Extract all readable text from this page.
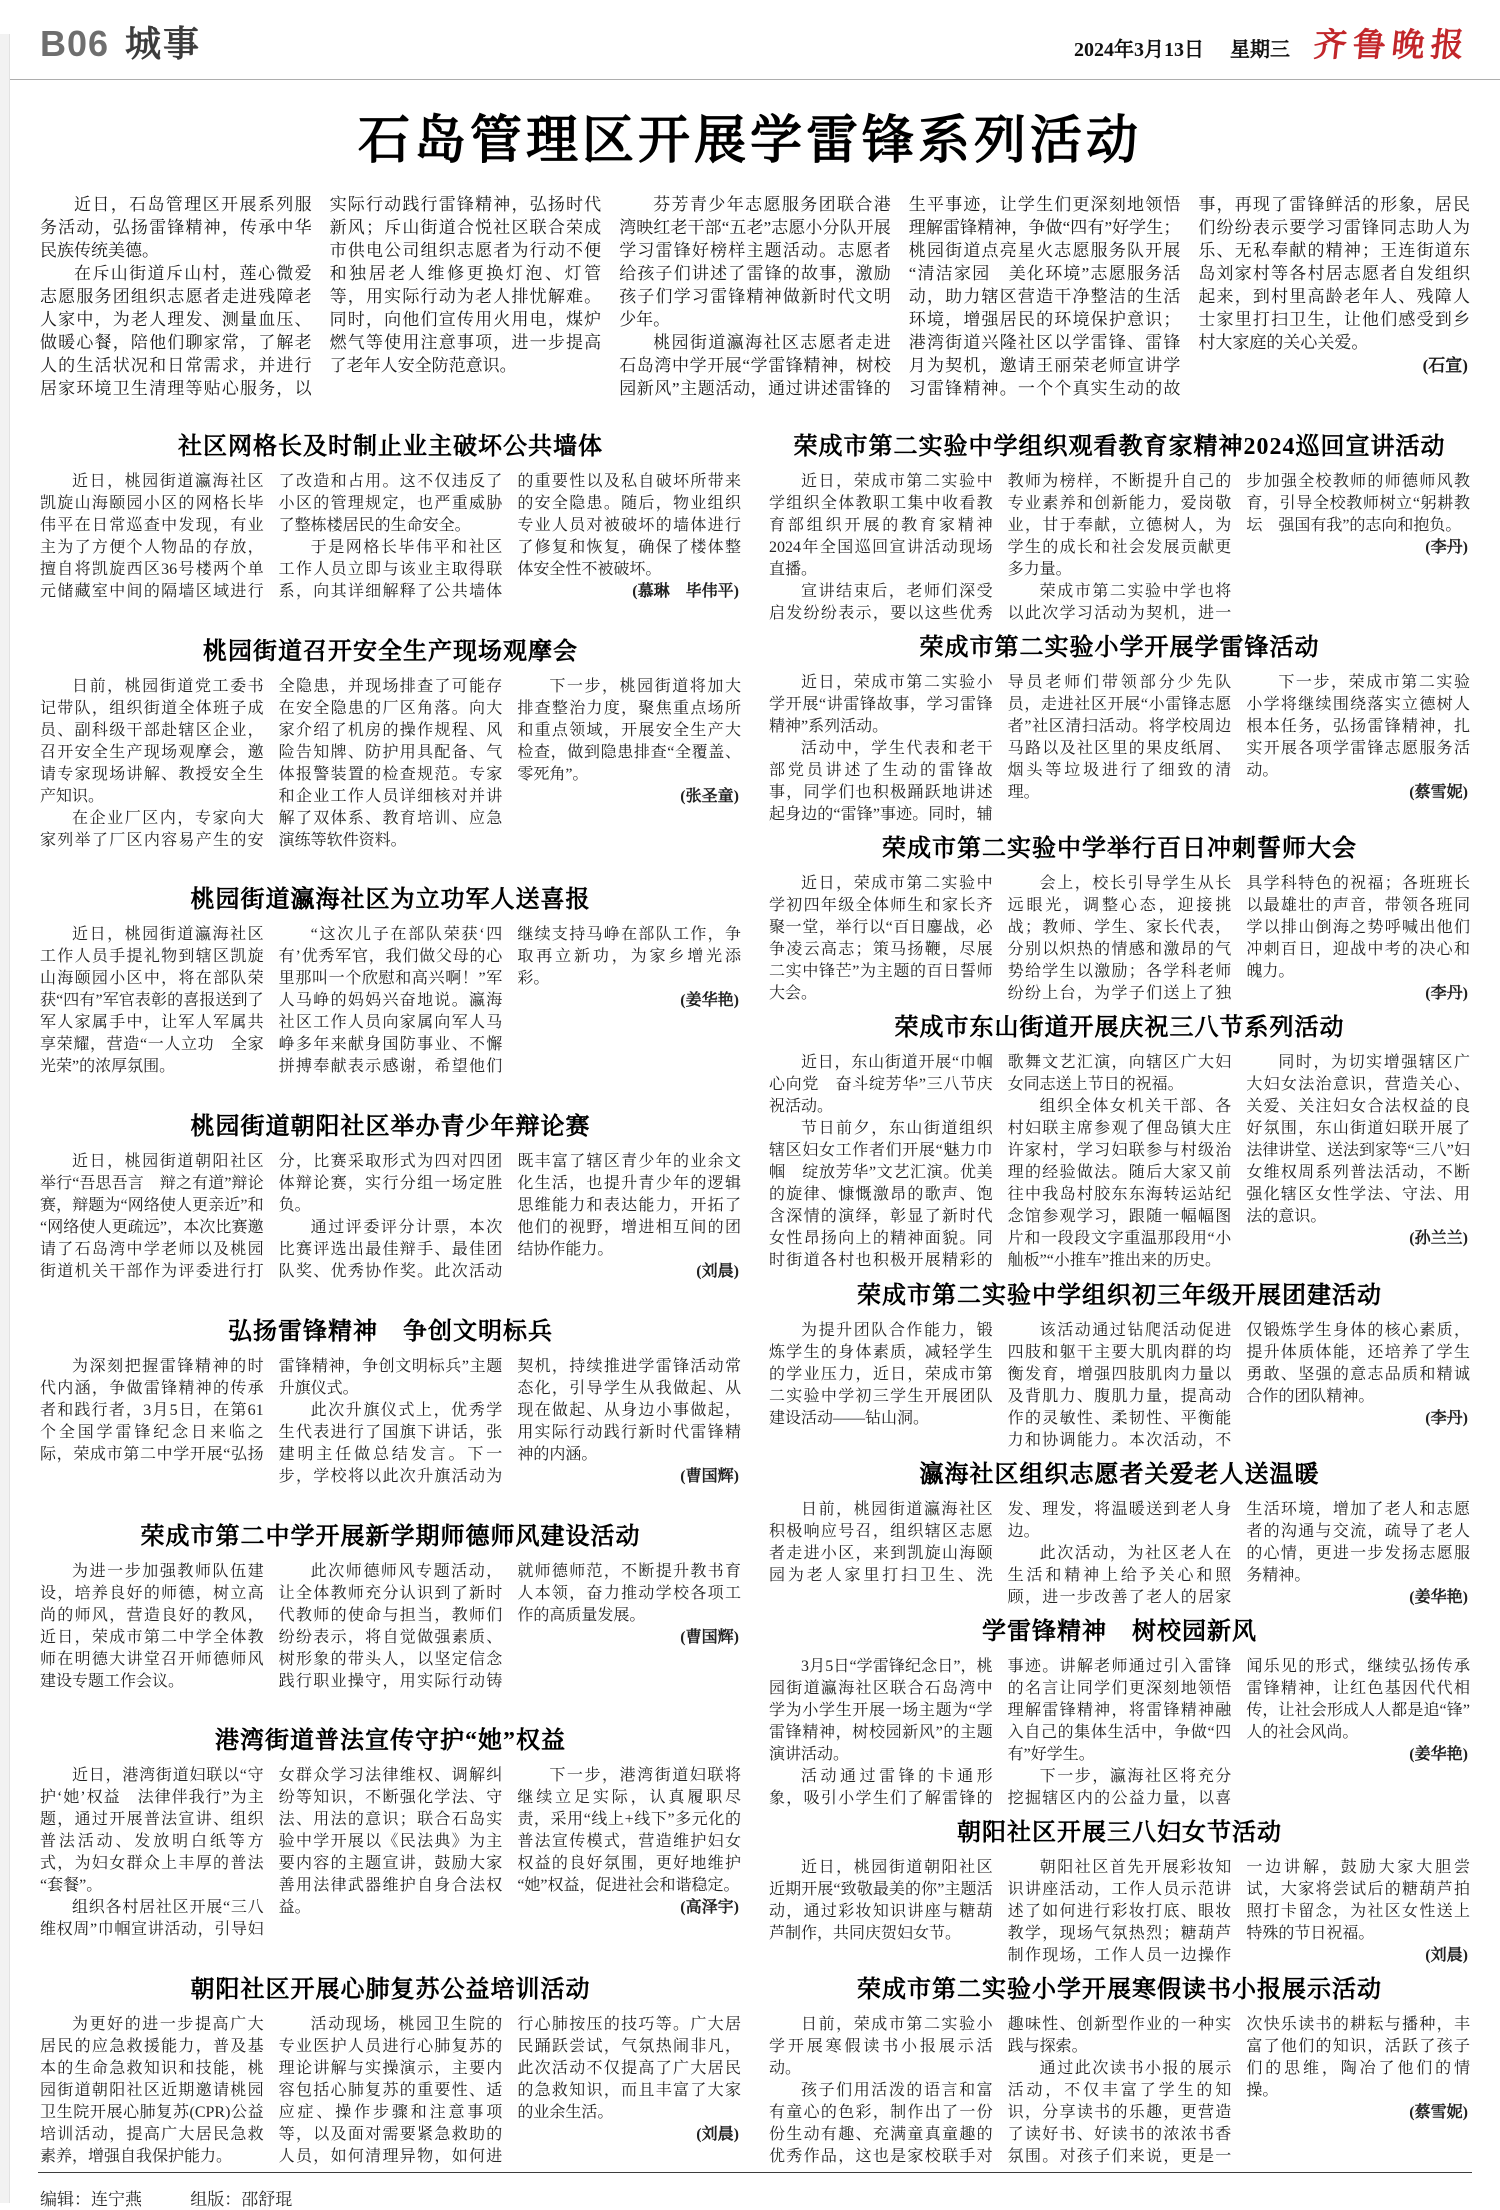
B06 城事	2024年3月13日 星期三 齐鲁晚报
石岛管理区开展学雷锋系列活动

近日，石岛管理区开展系列服务活动，弘扬雷锋精神，传承中华民族传统美德。

在斥山街道斥山村，莲心微爱志愿服务团组织志愿者走进残障老人家中，为老人理发、测量血压、做暖心餐，陪他们聊家常，了解老人的生活状况和日常需求，并进行居家环境卫生清理等贴心服务，以实际行动践行雷锋精神，弘扬时代新风；斥山街道合悦社区联合荣成市供电公司组织志愿者为行动不便和独居老人维修更换灯泡、灯管等，用实际行动为老人排忧解难。同时，向他们宣传用火用电，煤炉燃气等使用注意事项，进一步提高了老年人安全防范意识。

芬芳青少年志愿服务团联合港湾映红老干部“五老”志愿小分队开展学习雷锋好榜样主题活动。志愿者给孩子们讲述了雷锋的故事，激励孩子们学习雷锋精神做新时代文明少年。

桃园街道瀛海社区志愿者走进石岛湾中学开展“学雷锋精神，树校园新风”主题活动，通过讲述雷锋的生平事迹，让学生们更深刻地领悟理解雷锋精神，争做“四有”好学生；桃园街道点亮星火志愿服务队开展“清洁家园　美化环境”志愿服务活动，助力辖区营造干净整洁的生活环境，增强居民的环境保护意识；港湾街道兴隆社区以学雷锋、雷锋月为契机，邀请王丽荣老师宣讲学习雷锋精神。一个个真实生动的故事，再现了雷锋鲜活的形象，居民们纷纷表示要学习雷锋同志助人为乐、无私奉献的精神；王连街道东岛刘家村等各村居志愿者自发组织起来，到村里高龄老年人、残障人士家里打扫卫生，让他们感受到乡村大家庭的关心关爱。

(石宣)
社区网格长及时制止业主破坏公共墙体

近日，桃园街道瀛海社区凯旋山海颐园小区的网格长毕伟平在日常巡查中发现，有业主为了方便个人物品的存放，擅自将凯旋西区36号楼两个单元储藏室中间的隔墙区域进行了改造和占用。这不仅违反了小区的管理规定，也严重威胁了整栋楼居民的生命安全。

于是网格长毕伟平和社区工作人员立即与该业主取得联系，向其详细解释了公共墙体的重要性以及私自破坏所带来的安全隐患。随后，物业组织专业人员对被破坏的墙体进行了修复和恢复，确保了楼体整体安全性不被破坏。

(慕琳　毕伟平)
桃园街道召开安全生产现场观摩会

日前，桃园街道党工委书记带队，组织街道全体班子成员、副科级干部赴辖区企业，召开安全生产现场观摩会，邀请专家现场讲解、教授安全生产知识。

在企业厂区内，专家向大家列举了厂区内容易产生的安全隐患，并现场排查了可能存在安全隐患的厂区角落。向大家介绍了机房的操作规程、风险告知牌、防护用具配备、气体报警装置的检查规范。专家和企业工作人员详细核对并讲解了双体系、教育培训、应急演练等软件资料。

下一步，桃园街道将加大排查整治力度，聚焦重点场所和重点领域，开展安全生产大检查，做到隐患排查“全覆盖、零死角”。

(张圣童)
桃园街道瀛海社区为立功军人送喜报

近日，桃园街道瀛海社区工作人员手提礼物到辖区凯旋山海颐园小区中，将在部队荣获“四有”军官表彰的喜报送到了军人家属手中，让军人军属共享荣耀，营造“一人立功　全家光荣”的浓厚氛围。

“这次儿子在部队荣获‘四有’优秀军官，我们做父母的心里那叫一个欣慰和高兴啊！”军人马峥的妈妈兴奋地说。瀛海社区工作人员向家属向军人马峥多年来献身国防事业、不懈拼搏奉献表示感谢，希望他们继续支持马峥在部队工作，争取再立新功，为家乡增光添彩。

(姜华艳)
桃园街道朝阳社区举办青少年辩论赛

近日，桃园街道朝阳社区举行“吾思吾言　辩之有道”辩论赛，辩题为“网络使人更亲近”和“网络使人更疏远”，本次比赛邀请了石岛湾中学老师以及桃园街道机关干部作为评委进行打分，比赛采取形式为四对四团体辩论赛，实行分组一场定胜负。

通过评委评分计票，本次比赛评选出最佳辩手、最佳团队奖、优秀协作奖。此次活动既丰富了辖区青少年的业余文化生活，也提升青少年的逻辑思维能力和表达能力，开拓了他们的视野，增进相互间的团结协作能力。

(刘晨)
弘扬雷锋精神　争创文明标兵

为深刻把握雷锋精神的时代内涵，争做雷锋精神的传承者和践行者，3月5日，在第61个全国学雷锋纪念日来临之际，荣成市第二中学开展“弘扬雷锋精神，争创文明标兵”主题升旗仪式。

此次升旗仪式上，优秀学生代表进行了国旗下讲话，张建明主任做总结发言。下一步，学校将以此次升旗活动为契机，持续推进学雷锋活动常态化，引导学生从我做起、从现在做起、从身边小事做起，用实际行动践行新时代雷锋精神的内涵。

(曹国辉)
荣成市第二中学开展新学期师德师风建设活动

为进一步加强教师队伍建设，培养良好的师德，树立高尚的师风，营造良好的教风，近日，荣成市第二中学全体教师在明德大讲堂召开师德师风建设专题工作会议。

此次师德师风专题活动，让全体教师充分认识到了新时代教师的使命与担当，教师们纷纷表示，将自觉做强素质、树形象的带头人，以坚定信念践行职业操守，用实际行动铸就师德师范，不断提升教书育人本领，奋力推动学校各项工作的高质量发展。

(曹国辉)
港湾街道普法宣传守护“她”权益

近日，港湾街道妇联以“守护‘她’权益　法律伴我行”为主题，通过开展普法宣讲、组织普法活动、发放明白纸等方式，为妇女群众上丰厚的普法“套餐”。

组织各村居社区开展“三八维权周”巾帼宣讲活动，引导妇女群众学习法律维权、调解纠纷等知识，不断强化学法、守法、用法的意识；联合石岛实验中学开展以《民法典》为主要内容的主题宣讲，鼓励大家善用法律武器维护自身合法权益。

下一步，港湾街道妇联将继续立足实际，认真履职尽责，采用“线上+线下”多元化的普法宣传模式，营造维护妇女权益的良好氛围，更好地维护“她”权益，促进社会和谐稳定。

(高泽宇)
朝阳社区开展心肺复苏公益培训活动

为更好的进一步提高广大居民的应急救援能力，普及基本的生命急救知识和技能，桃园街道朝阳社区近期邀请桃园卫生院开展心肺复苏(CPR)公益培训活动，提高广大居民急救素养，增强自我保护能力。

活动现场，桃园卫生院的专业医护人员进行心肺复苏的理论讲解与实操演示，主要内容包括心肺复苏的重要性、适应症、操作步骤和注意事项等，以及面对需要紧急救助的人员，如何清理异物，如何进行心肺按压的技巧等。广大居民踊跃尝试，气氛热闹非凡，此次活动不仅提高了广大居民的急救知识，而且丰富了大家的业余生活。

(刘晨)
荣成市第二实验中学组织观看教育家精神2024巡回宣讲活动

近日，荣成市第二实验中学组织全体教职工集中收看教育部组织开展的教育家精神2024年全国巡回宣讲活动现场直播。

宣讲结束后，老师们深受启发纷纷表示，要以这些优秀教师为榜样，不断提升自己的专业素养和创新能力，爱岗敬业，甘于奉献，立德树人，为学生的成长和社会发展贡献更多力量。

荣成市第二实验中学也将以此次学习活动为契机，进一步加强全校教师的师德师风教育，引导全校教师树立“躬耕教坛　强国有我”的志向和抱负。

(李丹)
荣成市第二实验小学开展学雷锋活动

近日，荣成市第二实验小学开展“讲雷锋故事，学习雷锋精神”系列活动。

活动中，学生代表和老干部党员讲述了生动的雷锋故事，同学们也积极踊跃地讲述起身边的“雷锋”事迹。同时，辅导员老师们带领部分少先队员，走进社区开展“小雷锋志愿者”社区清扫活动。将学校周边马路以及社区里的果皮纸屑、烟头等垃圾进行了细致的清理。

下一步，荣成市第二实验小学将继续围绕落实立德树人根本任务，弘扬雷锋精神，扎实开展各项学雷锋志愿服务活动。

(蔡雪妮)
荣成市第二实验中学举行百日冲刺誓师大会

近日，荣成市第二实验中学初四年级全体师生和家长齐聚一堂，举行以“百日鏖战，必争凌云高志；策马扬鞭，尽展二实中锋芒”为主题的百日誓师大会。

会上，校长引导学生从长远眼光，调整心态，迎接挑战；教师、学生、家长代表，分别以炽热的情感和激昂的气势给学生以激励；各学科老师纷纷上台，为学子们送上了独具学科特色的祝福；各班班长以最雄壮的声音，带领各班同学以排山倒海之势呼喊出他们冲刺百日，迎战中考的决心和魄力。

(李丹)
荣成市东山街道开展庆祝三八节系列活动

近日，东山街道开展“巾帼心向党　奋斗绽芳华”三八节庆祝活动。

节日前夕，东山街道组织辖区妇女工作者们开展“魅力巾帼　绽放芳华”文艺汇演。优美的旋律、慷慨激昂的歌声、饱含深情的演绎，彰显了新时代女性昂扬向上的精神面貌。同时街道各村也积极开展精彩的歌舞文艺汇演，向辖区广大妇女同志送上节日的祝福。

组织全体女机关干部、各村妇联主席参观了俚岛镇大庄许家村，学习妇联参与村级治理的经验做法。随后大家又前往中我岛村胶东东海转运站纪念馆参观学习，跟随一幅幅图片和一段段文字重温那段用“小舢板”“小推车”推出来的历史。

同时，为切实增强辖区广大妇女法治意识，营造关心、关爱、关注妇女合法权益的良好氛围，东山街道妇联开展了法律讲堂、送法到家等“三八”妇女维权周系列普法活动，不断强化辖区女性学法、守法、用法的意识。

(孙兰兰)
荣成市第二实验中学组织初三年级开展团建活动

为提升团队合作能力，锻炼学生的身体素质，减轻学生的学业压力，近日，荣成市第二实验中学初三学生开展团队建设活动——钻山洞。

该活动通过钻爬活动促进四肢和躯干主要大肌肉群的均衡发育，增强四肢肌肉力量以及背肌力、腹肌力量，提高动作的灵敏性、柔韧性、平衡能力和协调能力。本次活动，不仅锻炼学生身体的核心素质，提升体质体能，还培养了学生勇敢、坚强的意志品质和精诚合作的团队精神。

(李丹)
瀛海社区组织志愿者关爱老人送温暖

日前，桃园街道瀛海社区积极响应号召，组织辖区志愿者走进小区，来到凯旋山海颐园为老人家里打扫卫生、洗发、理发，将温暖送到老人身边。

此次活动，为社区老人在生活和精神上给予关心和照顾，进一步改善了老人的居家生活环境，增加了老人和志愿者的沟通与交流，疏导了老人的心情，更进一步发扬志愿服务精神。

(姜华艳)
学雷锋精神　树校园新风

3月5日“学雷锋纪念日”，桃园街道瀛海社区联合石岛湾中学为小学生开展一场主题为“学雷锋精神，树校园新风”的主题演讲活动。

活动通过雷锋的卡通形象，吸引小学生们了解雷锋的事迹。讲解老师通过引入雷锋的名言让同学们更深刻地领悟理解雷锋精神，将雷锋精神融入自己的集体生活中，争做“四有”好学生。

下一步，瀛海社区将充分挖掘辖区内的公益力量，以喜闻乐见的形式，继续弘扬传承雷锋精神，让红色基因代代相传，让社会形成人人都是追“锋”人的社会风尚。

(姜华艳)
朝阳社区开展三八妇女节活动

近日，桃园街道朝阳社区近期开展“致敬最美的你”主题活动，通过彩妆知识讲座与糖葫芦制作，共同庆贺妇女节。

朝阳社区首先开展彩妆知识讲座活动，工作人员示范讲述了如何进行彩妆打底、眼妆教学，现场气氛热烈；糖葫芦制作现场，工作人员一边操作一边讲解，鼓励大家大胆尝试，大家将尝试后的糖葫芦拍照打卡留念，为社区女性送上特殊的节日祝福。

(刘晨)
荣成市第二实验小学开展寒假读书小报展示活动

日前，荣成市第二实验小学开展寒假读书小报展示活动。

孩子们用活泼的语言和富有童心的色彩，制作出了一份份生动有趣、充满童真童趣的优秀作品，这也是家校联手对趣味性、创新型作业的一种实践与探索。

通过此次读书小报的展示活动，不仅丰富了学生的知识，分享读书的乐趣，更营造了读好书、好读书的浓浓书香氛围。对孩子们来说，更是一次快乐读书的耕耘与播种，丰富了他们的知识，活跃了孩子们的思维，陶冶了他们的情操。

(蔡雪妮)
编辑：连宁燕	组版：邵舒琨
